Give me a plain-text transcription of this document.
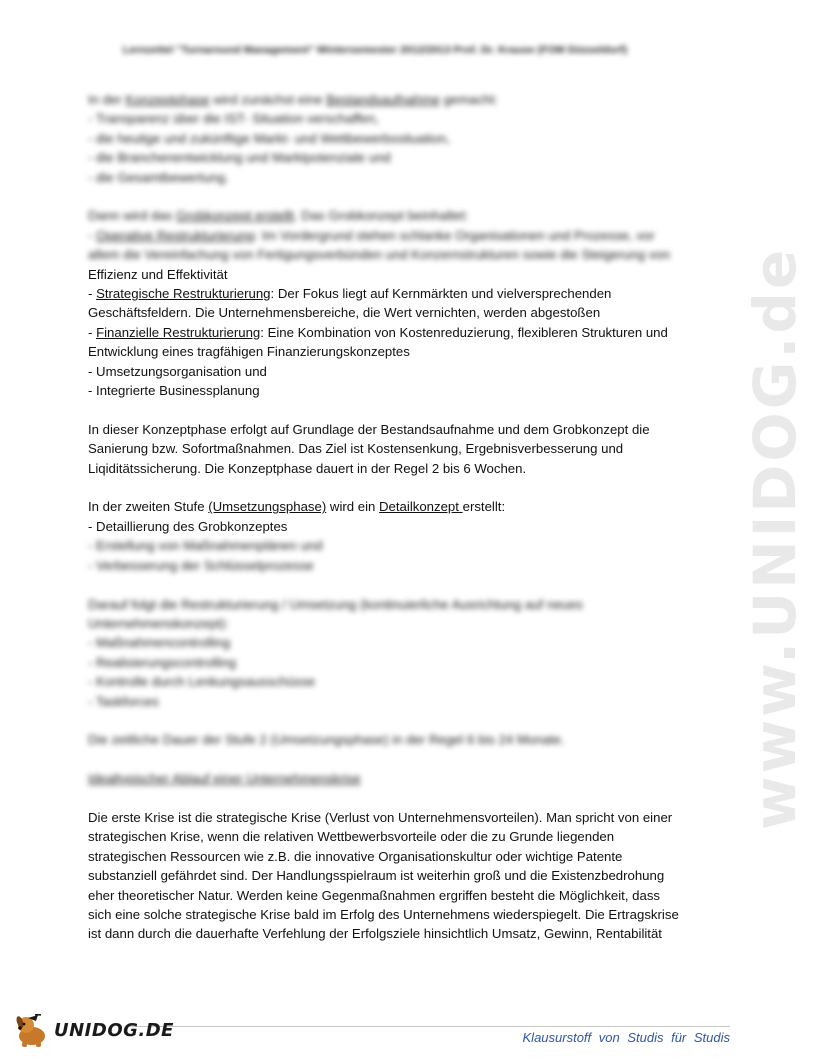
Lernzettel "Turnaround Management" Wintersemester 2012/2013 Prof. Dr. Krause (FOM Düsseldorf)
www.UNIDOG.de
In der Konzeptphase wird zunächst eine Bestandsaufnahme gemacht:
- Transparenz über die IST- Situation verschaffen,
- die heutige und zukünftige Markt- und Wettbewerbssituation,
- die Branchenentwicklung und Marktpotenziale und
- die Gesamtbewertung.
Dann wird das Grobkonzept erstellt. Das Grobkonzept beinhaltet:
- Operative Restrukturierung: Im Vordergrund stehen schlanke Organisationen und Prozesse, vor
allem die Vereinfachung von Fertigungsverbünden und Konzernstrukturen sowie die Steigerung von
Effizienz und Effektivität
- Strategische Restrukturierung: Der Fokus liegt auf Kernmärkten und vielversprechenden
Geschäftsfeldern. Die Unternehmensbereiche, die Wert vernichten, werden abgestoßen
- Finanzielle Restrukturierung: Eine Kombination von Kostenreduzierung, flexibleren Strukturen und
Entwicklung eines tragfähigen Finanzierungskonzeptes
- Umsetzungsorganisation und
- Integrierte Businessplanung
In dieser Konzeptphase erfolgt auf Grundlage der Bestandsaufnahme und dem Grobkonzept die
Sanierung bzw. Sofortmaßnahmen. Das Ziel ist Kostensenkung, Ergebnisverbesserung und
Liqiditätssicherung. Die Konzeptphase dauert in der Regel 2 bis 6 Wochen.
In der zweiten Stufe (Umsetzungsphase) wird ein Detailkonzept erstellt:
- Detaillierung des Grobkonzeptes
- Erstellung von Maßnahmenplänen und
- Verbesserung der Schlüsselprozesse
Darauf folgt die Restrukturierung / Umsetzung (kontinuierliche Ausrichtung auf neues
Unternehmenskonzept):
- Maßnahmencontrolling
- Realisierungscontrolling
- Kontrolle durch Lenkungsausschüsse
- Taskforces
Die zeitliche Dauer der Stufe 2 (Umsetzungsphase) in der Regel 6 bis 24 Monate.
Idealtypischer Ablauf einer Unternehmenskrise
Die erste Krise ist die strategische Krise (Verlust von Unternehmensvorteilen). Man spricht von einer
strategischen Krise, wenn die relativen Wettbewerbsvorteile oder die zu Grunde liegenden
strategischen Ressourcen wie z.B. die innovative Organisationskultur oder wichtige Patente
substanziell gefährdet sind. Der Handlungsspielraum ist weiterhin groß und die Existenzbedrohung
eher theoretischer Natur. Werden keine Gegenmaßnahmen ergriffen besteht die Möglichkeit, dass
sich eine solche strategische Krise bald im Erfolg des Unternehmens wiederspiegelt. Die Ertragskrise
ist dann durch die dauerhafte Verfehlung der Erfolgsziele hinsichtlich Umsatz, Gewinn, Rentabilität
UNIDOG.DE	Klausurstoff von Studis für Studis
